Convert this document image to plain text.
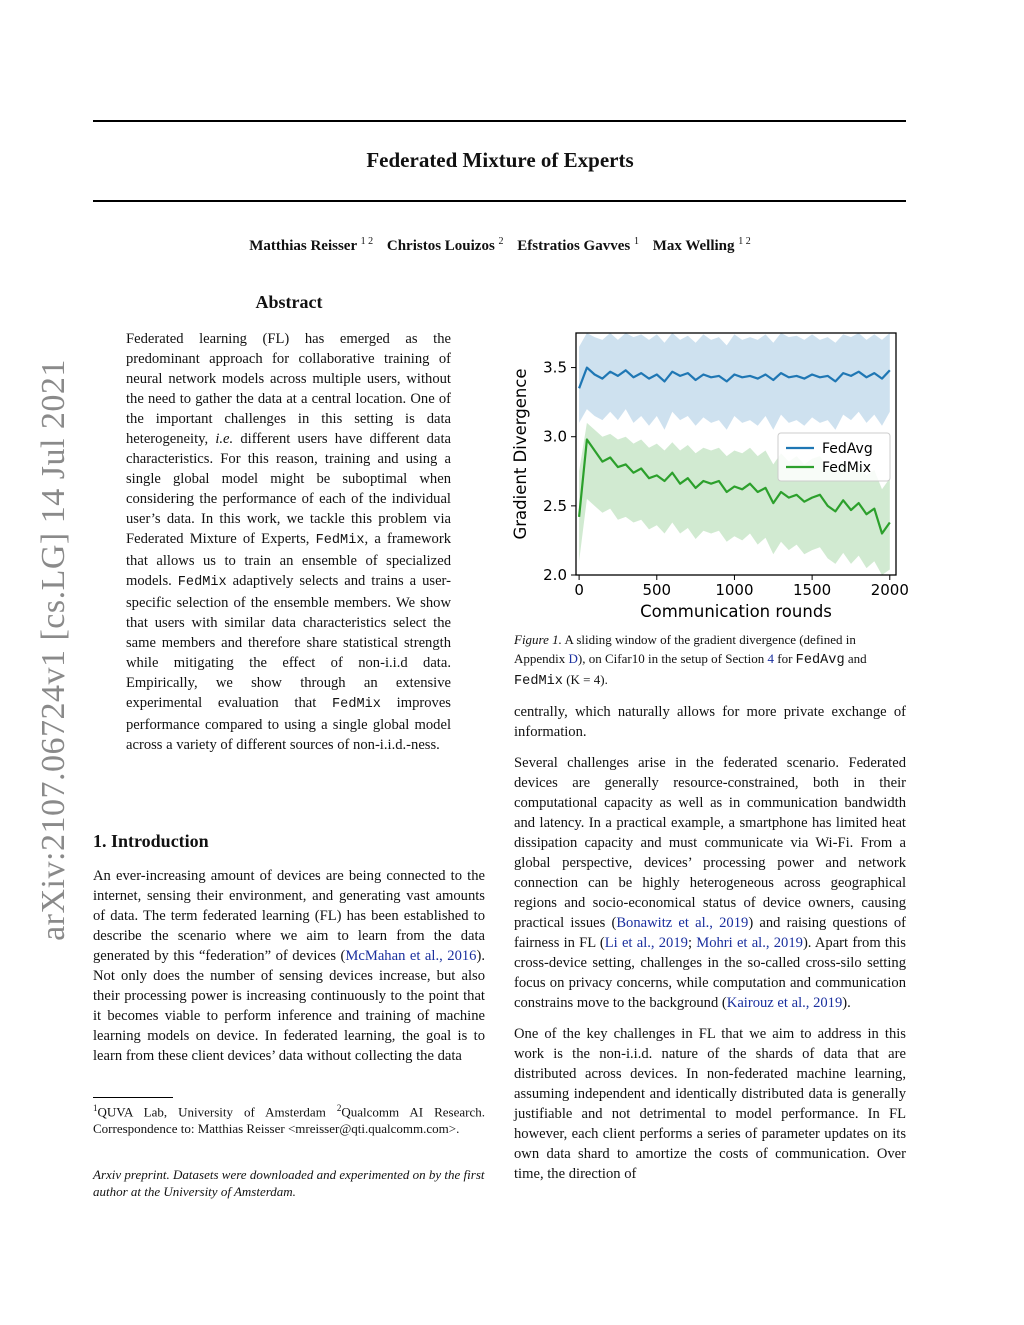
arXiv:2107.06724v1 [cs.LG] 14 Jul 2021
Federated Mixture of Experts
Matthias Reisser $^{1 2}$ Christos Louizos $^2$ Efstratios Gavves $^1$ Max Welling $^{1 2}$
Abstract

Federated learning (FL) has emerged as the predominant approach for collaborative training of neural network models across multiple users, without the need to gather the data at a central location. One of the important challenges in this setting is data heterogeneity, i.e. different users have different data characteristics. For this reason, training and using a single global model might be suboptimal when considering the performance of each of the individual user’s data. In this work, we tackle this problem via Federated Mixture of Experts, FedMix, a framework that allows us to train an ensemble of specialized models. FedMix adaptively selects and trains a user-specific selection of the ensemble members. We show that users with similar data characteristics select the same members and therefore share statistical strength while mitigating the effect of non-i.i.d data. Empirically, we show through an extensive experimental evaluation that FedMix improves performance compared to using a single global model across a variety of different sources of non-i.i.d.-ness.

1. Introduction

An ever-increasing amount of devices are being connected to the internet, sensing their environment, and generating vast amounts of data. The term federated learning (FL) has been established to describe the scenario where we aim to learn from the data generated by this “federation” of devices (McMahan et al., 2016). Not only does the number of sensing devices increase, but also their processing power is increasing continuously to the point that it becomes viable to perform inference and training of machine learning models on device. In federated learning, the goal is to learn from these client devices’ data without collecting the data

$^1$QUVA Lab, University of Amsterdam $^2$Qualcomm AI Research. Correspondence to: Matthias Reisser <mreisser@qti.qualcomm.com>.
Arxiv preprint. Datasets were downloaded and experimented on by the first author at the University of Amsterdam.
0	500	1000	1500	2000
2.0
2.5
3.0
3.5
Communication rounds
Gradient Divergence	FedAvg
FedMix
Figure 1. A sliding window of the gradient divergence (defined in Appendix D), on Cifar10 in the setup of Section 4 for FedAvg and FedMix (K = 4).

centrally, which naturally allows for more private exchange of information.

Several challenges arise in the federated scenario. Federated devices are generally resource-constrained, both in their computational capacity as well as in communication bandwidth and latency. In a practical example, a smartphone has limited heat dissipation capacity and must communicate via Wi-Fi. From a global perspective, devices’ processing power and network connection can be highly heterogeneous across geographical regions and socio-economical status of device owners, causing practical issues (Bonawitz et al., 2019) and raising questions of fairness in FL (Li et al., 2019; Mohri et al., 2019). Apart from this cross-device setting, challenges in the so-called cross-silo setting focus on privacy concerns, while computation and communication constrains move to the background (Kairouz et al., 2019).

One of the key challenges in FL that we aim to address in this work is the non-i.i.d. nature of the shards of data that are distributed across devices. In non-federated machine learning, assuming independent and identically distributed data is generally justifiable and not detrimental to model performance. In FL however, each client performs a series of parameter updates on its own data shard to amortize the costs of communication. Over time, the direction of
